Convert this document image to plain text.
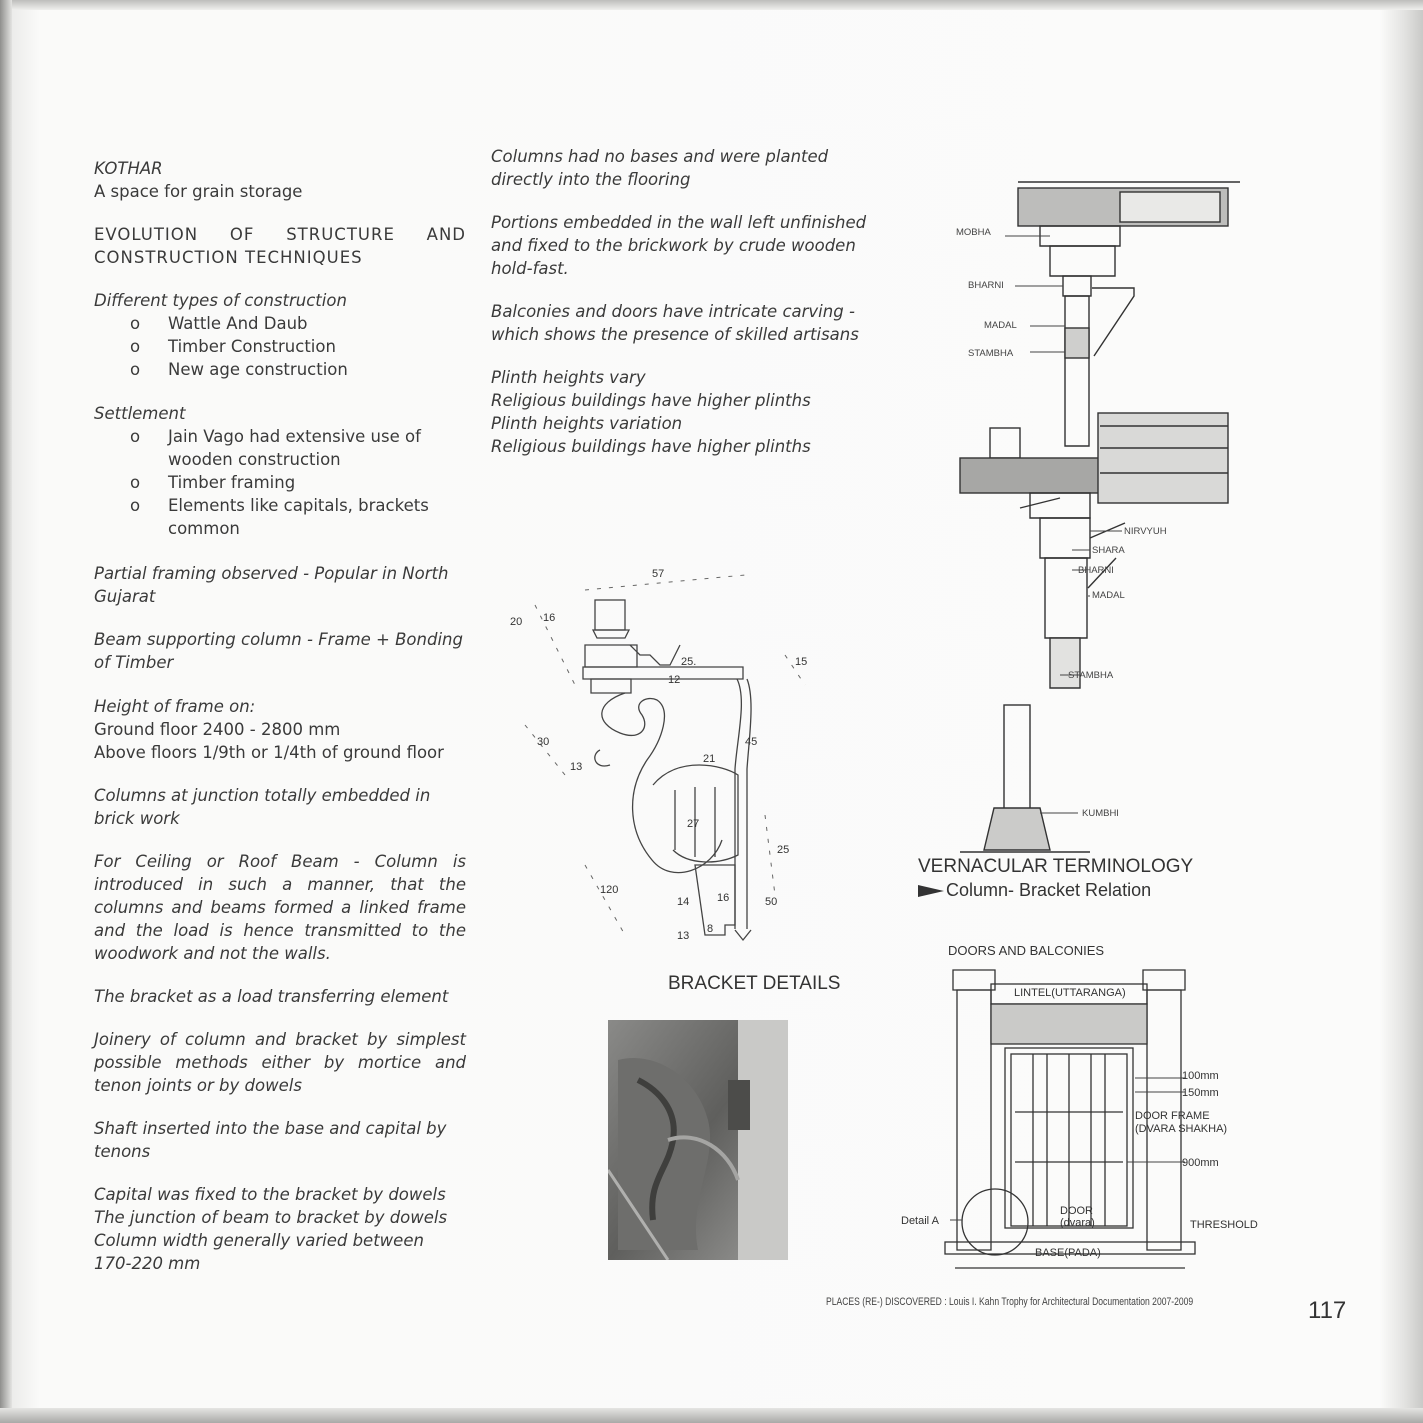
KOTHAR

A space for grain storage

EVOLUTION OF STRUCTURE AND

CONSTRUCTION TECHNIQUES

Different types of construction

o	Wattle And Daub
o	Timber Construction
o	New age construction

Settlement

o	Jain Vago had extensive use of wooden construction
o	Timber framing
o	Elements like capitals, brackets common

Partial framing observed - Popular in North Gujarat

Beam supporting column - Frame + Bonding of Timber

Height of frame on:

Ground floor 2400 - 2800 mm

Above floors 1/9th or 1/4th of ground floor

Columns at junction totally embedded in brick work

For Ceiling or Roof Beam - Column is introduced in such a manner, that the columns and beams formed a linked frame and the load is hence transmitted to the woodwork and not the walls.

The bracket as a load transferring element

Joinery of column and bracket by simplest possible methods either by mortice and tenon joints or by dowels

Shaft inserted into the base and capital by tenons

Capital was fixed to the bracket by dowels

The junction of beam to bracket by dowels

Column width generally varied between 170-220 mm

Columns had no bases and were planted directly into the flooring

Portions embedded in the wall left unfinished and fixed to the brickwork by crude wooden hold-fast.

Balconies and doors have intricate carving - which shows the presence of skilled artisans

Plinth heights vary

Religious buildings have higher plinths

Plinth heights variation

Religious buildings have higher plinths

57
20 16
25.	15
12
30	45
13
21
27
25
14	16	50
13
8
120
BRACKET DETAILS
MOBHA
BHARNI
MADAL
STAMBHA
NIRVYUH
SHARA
BHARNI
MADAL
STAMBHA
KUMBHI
VERNACULAR TERMINOLOGY
Column- Bracket Relation
DOORS AND BALCONIES
LINTEL(UTTARANGA)
100mm
150mm
DOOR FRAME
(DVARA SHAKHA)
900mm
Detail A
DOOR
(dvara)	THRESHOLD
BASE(PADA)
PLACES (RE-) DISCOVERED : Louis I. Kahn Trophy for Architectural Documentation 2007-2009	117
